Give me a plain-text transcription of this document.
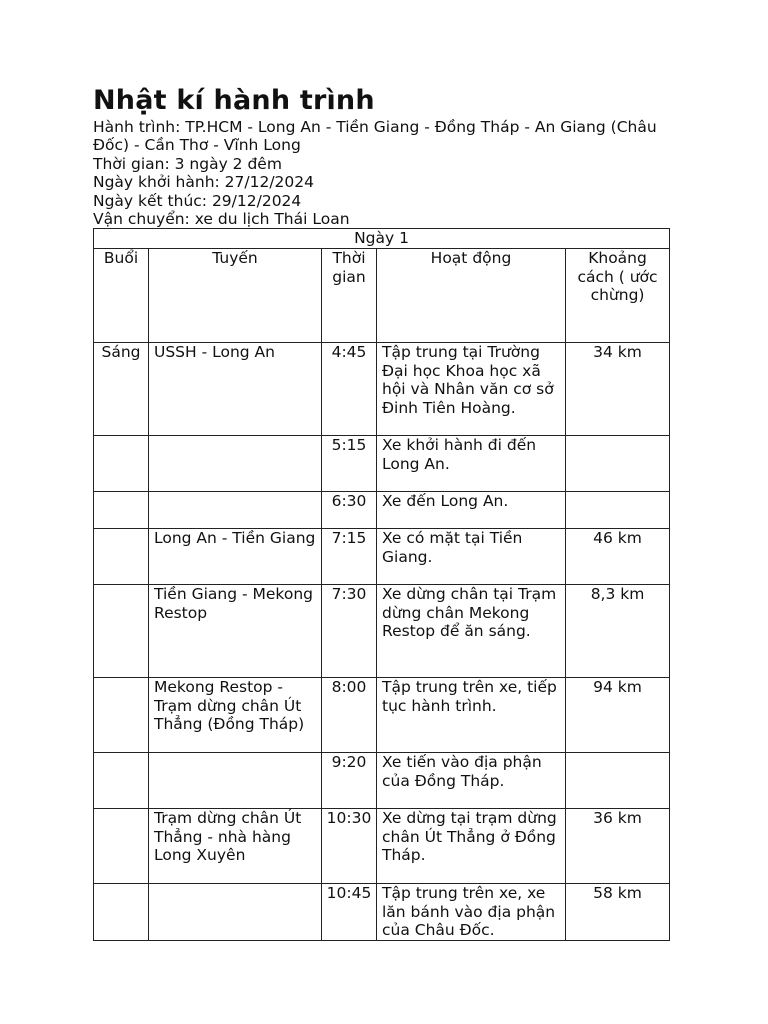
Nhật kí hành trình

Hành trình: TP.HCM - Long An - Tiền Giang - Đồng Tháp - An Giang (Châu Đốc) - Cần Thơ - Vĩnh Long

Thời gian: 3 ngày 2 đêm

Ngày khởi hành: 27/12/2024

Ngày kết thúc: 29/12/2024

Vận chuyển: xe du lịch Thái Loan

Ngày 1				
Buổi	Tuyến	Thời gian	Hoạt động	Khoảng cách ( ước chừng)
Sáng	USSH - Long An	4:45	Tập trung tại Trường Đại học Khoa học xã hội và Nhân văn cơ sở Đinh Tiên Hoàng.	34 km
		5:15	Xe khởi hành đi đến Long An.	
		6:30	Xe đến Long An.	
	Long An - Tiền Giang	7:15	Xe có mặt tại Tiền Giang.	46 km
	Tiền Giang - Mekong Restop	7:30	Xe dừng chân tại Trạm dừng chân Mekong Restop để ăn sáng.	8,3 km
	Mekong Restop - Trạm dừng chân Út Thẳng (Đồng Tháp)	8:00	Tập trung trên xe, tiếp tục hành trình.	94 km
		9:20	Xe tiến vào địa phận của Đồng Tháp.	
	Trạm dừng chân Út Thẳng - nhà hàng Long Xuyên	10:30	Xe dừng tại trạm dừng chân Út Thẳng ở Đồng Tháp.	36 km
		10:45	Tập trung trên xe, xe lăn bánh vào địa phận của Châu Đốc.	58 km
